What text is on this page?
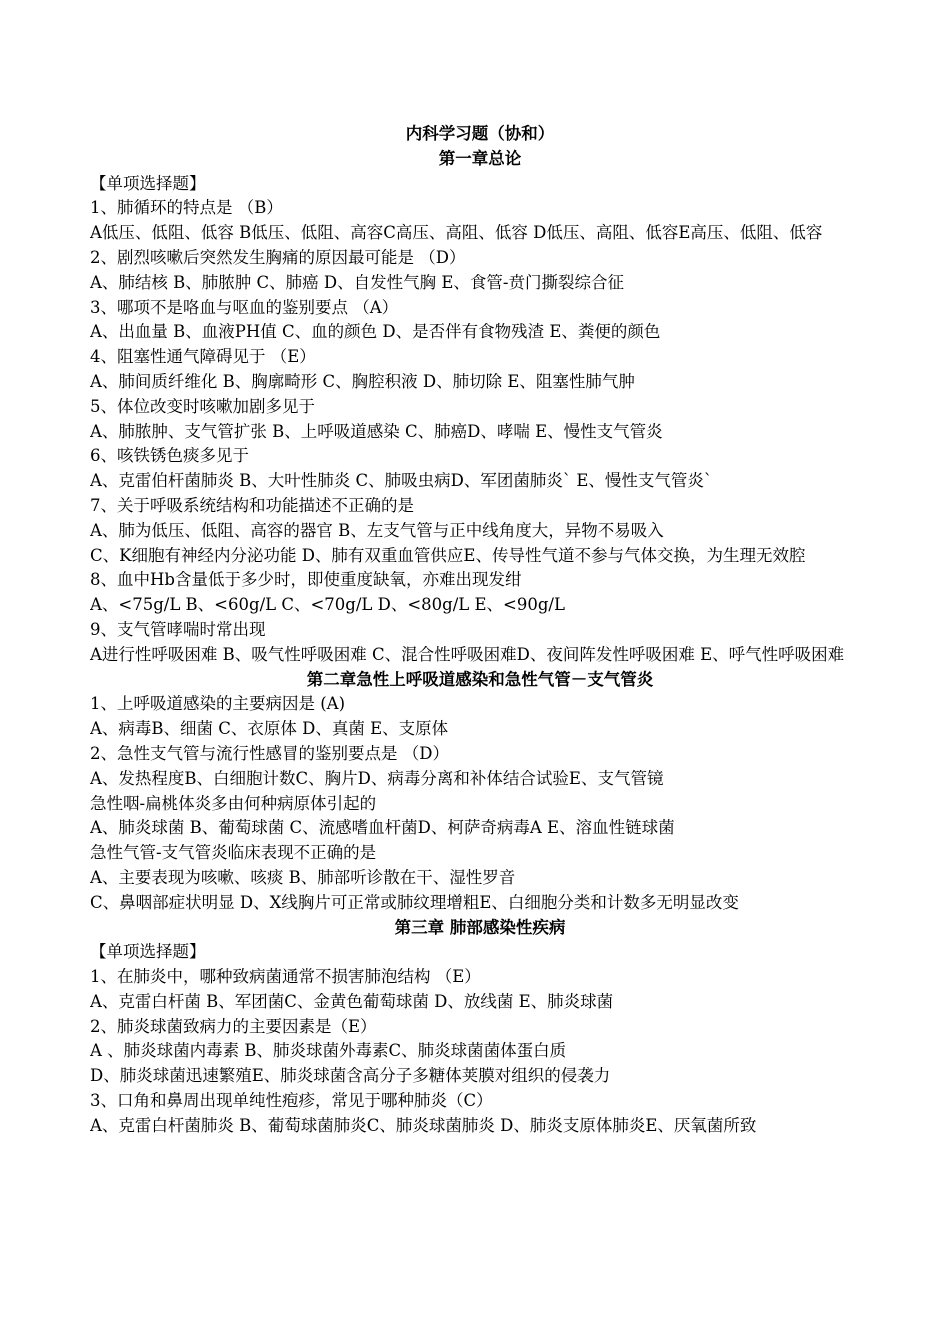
内科学习题（协和）
第一章总论
【单项选择题】
1、肺循环的特点是 （B）
A低压、低阻、低容 B低压、低阻、高容C高压、高阻、低容 D低压、高阻、低容E高压、低阻、低容
2、剧烈咳嗽后突然发生胸痛的原因最可能是 （D）
A、肺结核 B、肺脓肿 C、肺癌 D、自发性气胸 E、食管-贲门撕裂综合征
3、哪项不是咯血与呕血的鉴别要点 （A）
A、出血量 B、血液PH值 C、血的颜色 D、是否伴有食物残渣 E、粪便的颜色
4、阻塞性通气障碍见于 （E）
A、肺间质纤维化 B、胸廓畸形 C、胸腔积液 D、肺切除 E、阻塞性肺气肿
5、体位改变时咳嗽加剧多见于
A、肺脓肿、支气管扩张 B、上呼吸道感染 C、肺癌D、哮喘 E、慢性支气管炎
6、咳铁锈色痰多见于
A、克雷伯杆菌肺炎 B、大叶性肺炎 C、肺吸虫病D、军团菌肺炎` E、慢性支气管炎`
7、关于呼吸系统结构和功能描述不正确的是
A、肺为低压、低阻、高容的器官 B、左支气管与正中线角度大，异物不易吸入
C、K细胞有神经内分泌功能 D、肺有双重血管供应E、传导性气道不参与气体交换，为生理无效腔
8、血中Hb含量低于多少时，即使重度缺氧，亦难出现发绀
A、<75g/L B、<60g/L C、<70g/L D、<80g/L E、<90g/L
9、支气管哮喘时常出现
A进行性呼吸困难 B、吸气性呼吸困难 C、混合性呼吸困难D、夜间阵发性呼吸困难 E、呼气性呼吸困难
第二章急性上呼吸道感染和急性气管－支气管炎
1、上呼吸道感染的主要病因是 (A)
A、病毒B、细菌 C、衣原体 D、真菌 E、支原体
2、急性支气管与流行性感冒的鉴别要点是 （D）
A、发热程度B、白细胞计数C、胸片D、病毒分离和补体结合试验E、支气管镜
急性咽-扁桃体炎多由何种病原体引起的
A、肺炎球菌 B、葡萄球菌 C、流感嗜血杆菌D、柯萨奇病毒A E、溶血性链球菌
急性气管-支气管炎临床表现不正确的是
A、主要表现为咳嗽、咳痰 B、肺部听诊散在干、湿性罗音
C、鼻咽部症状明显 D、X线胸片可正常或肺纹理增粗E、白细胞分类和计数多无明显改变
第三章 肺部感染性疾病
【单项选择题】
1、在肺炎中，哪种致病菌通常不损害肺泡结构 （E）
A、克雷白杆菌 B、军团菌C、金黄色葡萄球菌 D、放线菌 E、肺炎球菌
2、肺炎球菌致病力的主要因素是（E）
A 、肺炎球菌内毒素 B、肺炎球菌外毒素C、肺炎球菌菌体蛋白质
D、肺炎球菌迅速繁殖E、肺炎球菌含高分子多糖体荚膜对组织的侵袭力
3、口角和鼻周出现单纯性疱疹，常见于哪种肺炎（C）
A、克雷白杆菌肺炎 B、葡萄球菌肺炎C、肺炎球菌肺炎 D、肺炎支原体肺炎E、厌氧菌所致
